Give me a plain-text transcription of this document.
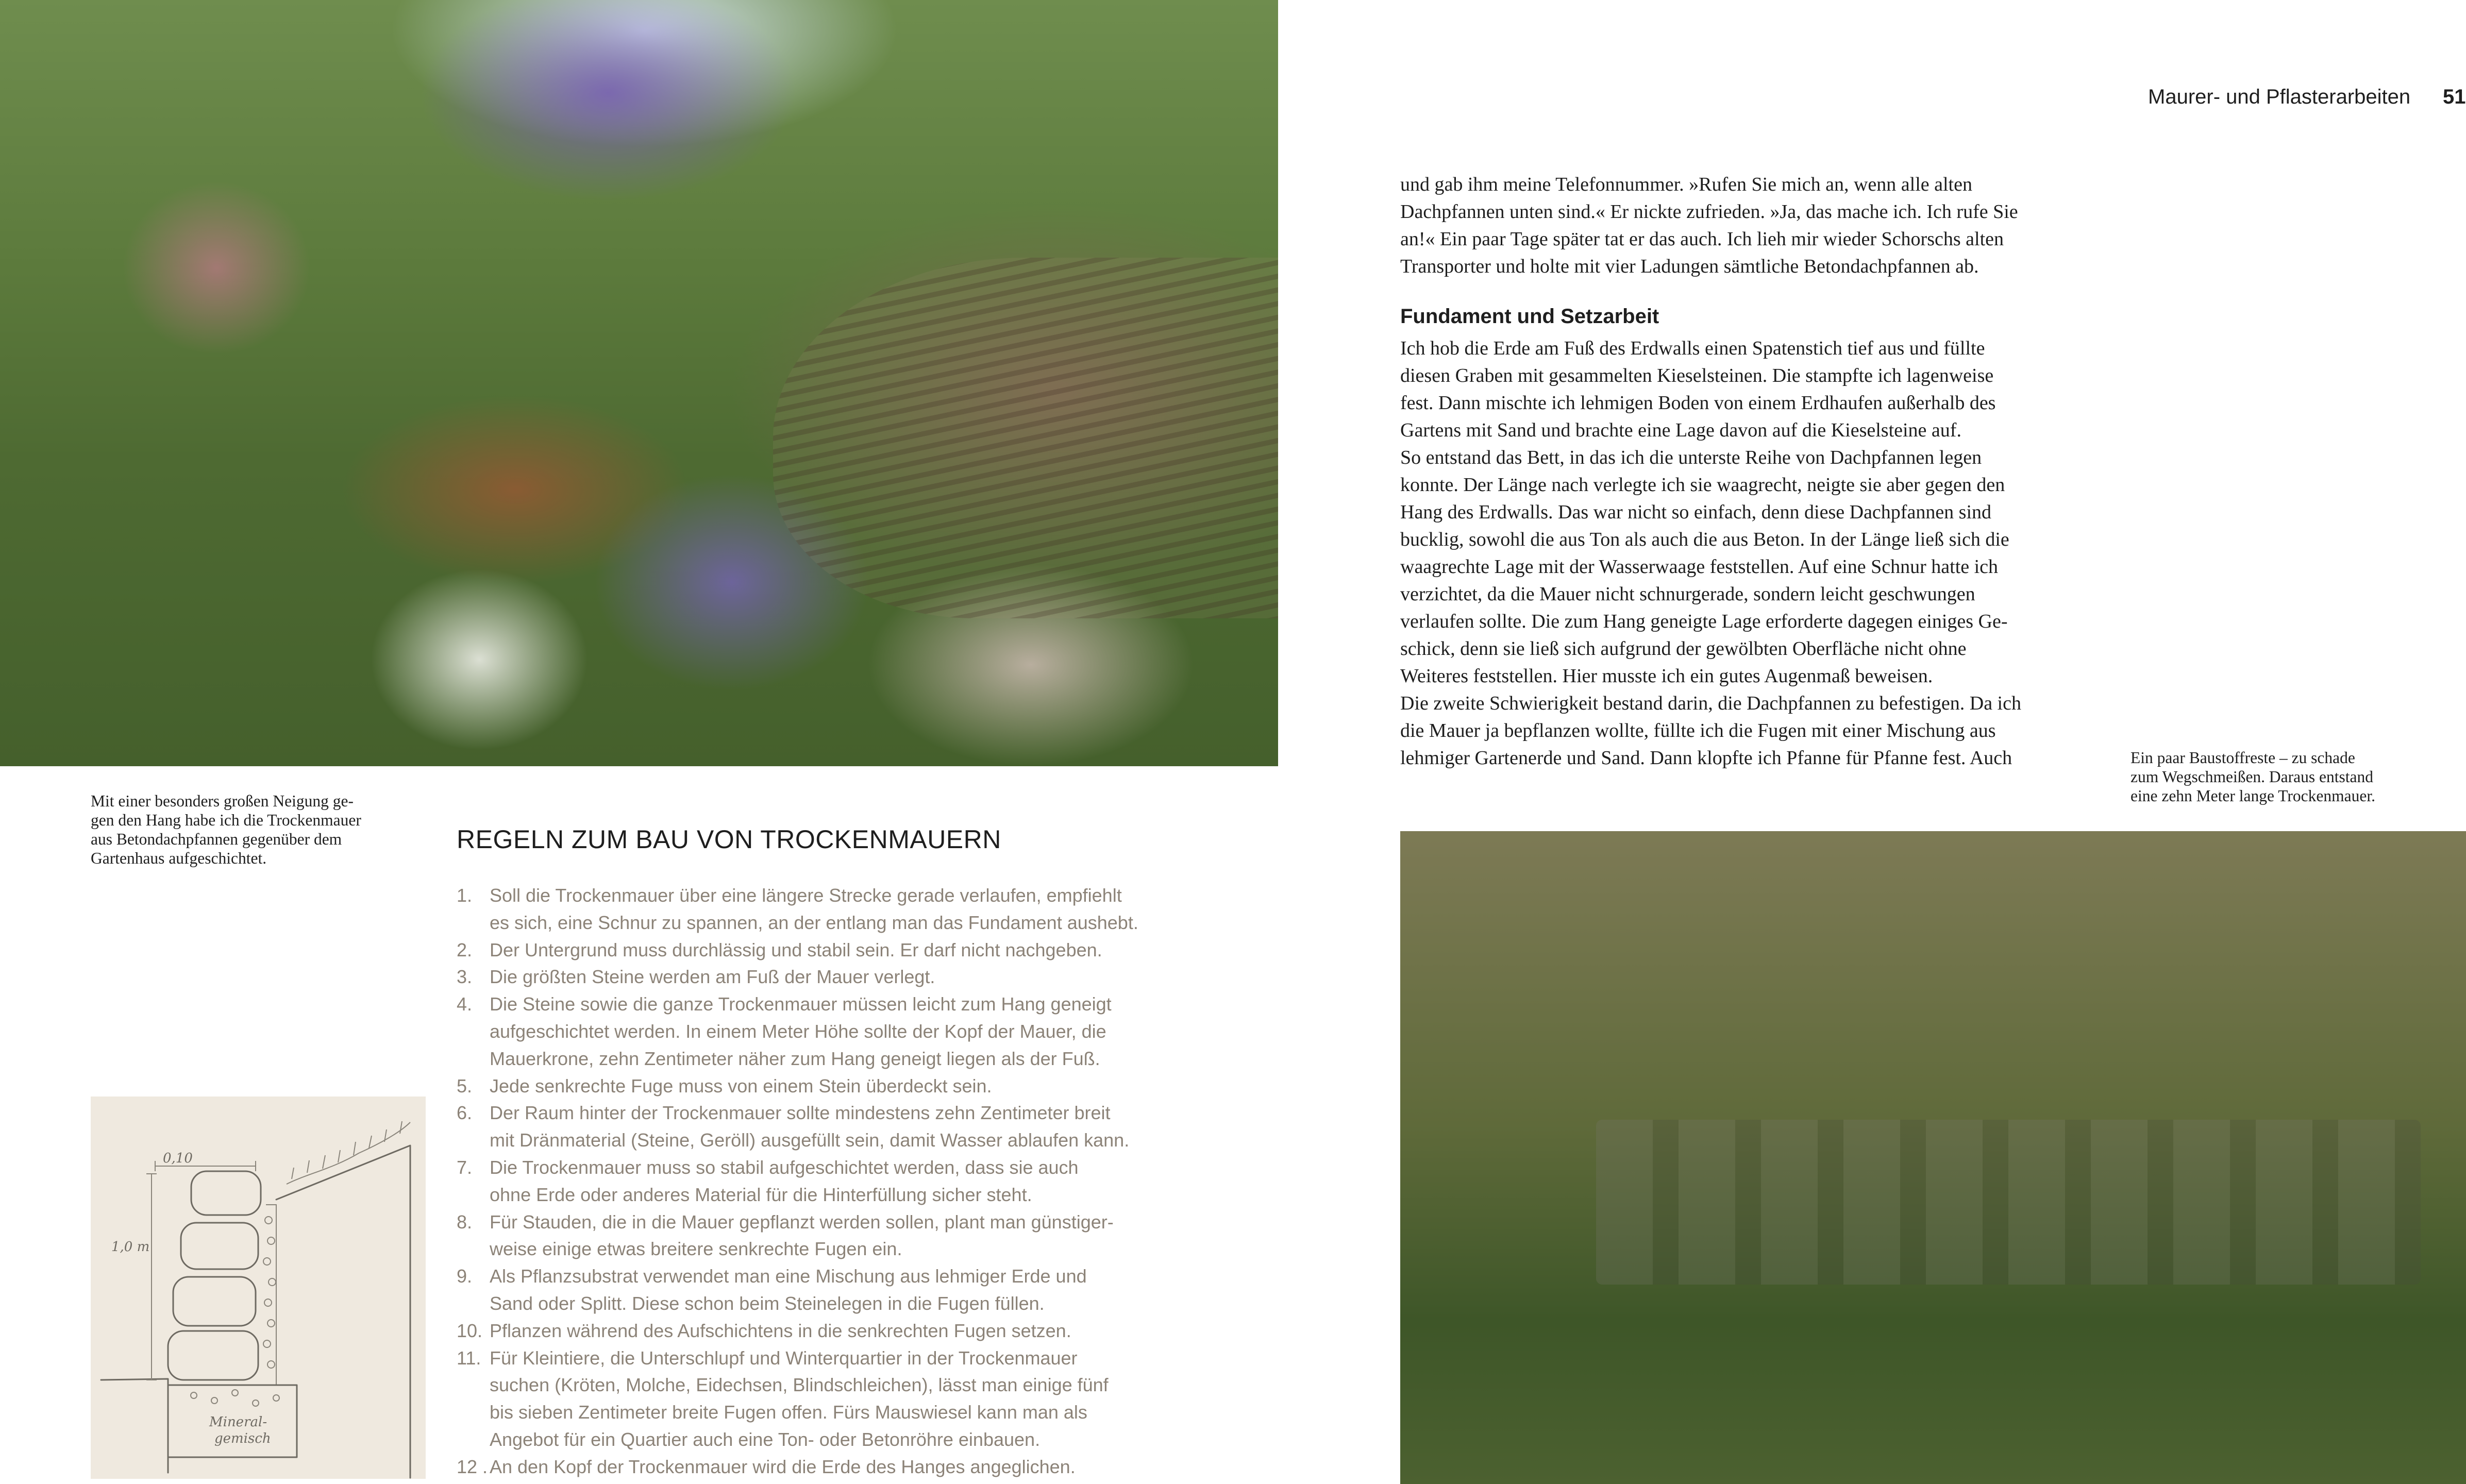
Maurer- und Pflasterarbeiten 51
Mit einer besonders großen Neigung ge-
gen den Hang habe ich die Trockenmauer
aus Betondachpfannen gegenüber dem
Gartenhaus aufgeschichtet.
REGELN ZUM BAU VON TROCKENMAUERN
1. Soll die Trockenmauer über eine längere Strecke gerade verlaufen, empfiehlt
es sich, eine Schnur zu spannen, an der entlang man das Fundament aushebt.
2. Der Untergrund muss durchlässig und stabil sein. Er darf nicht nachgeben.
3. Die größten Steine werden am Fuß der Mauer verlegt.
4. Die Steine sowie die ganze Trockenmauer müssen leicht zum Hang geneigt
aufgeschichtet werden. In einem Meter Höhe sollte der Kopf der Mauer, die
Mauerkrone, zehn Zentimeter näher zum Hang geneigt liegen als der Fuß.
5. Jede senkrechte Fuge muss von einem Stein überdeckt sein.
6. Der Raum hinter der Trockenmauer sollte mindestens zehn Zentimeter breit
mit Dränmaterial (Steine, Geröll) ausgefüllt sein, damit Wasser ablaufen kann.
7. Die Trockenmauer muss so stabil aufgeschichtet werden, dass sie auch
ohne Erde oder anderes Material für die Hinterfüllung sicher steht.
8. Für Stauden, die in die Mauer gepflanzt werden sollen, plant man günstiger-
weise einige etwas breitere senkrechte Fugen ein.
9. Als Pflanzsubstrat verwendet man eine Mischung aus lehmiger Erde und
Sand oder Splitt. Diese schon beim Steinelegen in die Fugen füllen.
10. Pflanzen während des Aufschichtens in die senkrechten Fugen setzen.
11. Für Kleintiere, die Unterschlupf und Winterquartier in der Trockenmauer
suchen (Kröten, Molche, Eidechsen, Blindschleichen), lässt man einige fünf
bis sieben Zentimeter breite Fugen offen. Fürs Mauswiesel kann man als
Angebot für ein Quartier auch eine Ton- oder Betonröhre einbauen.
12 . An den Kopf der Trockenmauer wird die Erde des Hanges angeglichen.
0,10
1,0 m
Mineral-
gemisch
und gab ihm meine Telefonnummer. »Rufen Sie mich an, wenn alle alten
Dachpfannen unten sind.« Er nickte zufrieden. »Ja, das mache ich. Ich rufe Sie
an!« Ein paar Tage später tat er das auch. Ich lieh mir wieder Schorschs alten
Transporter und holte mit vier Ladungen sämtliche Betondachpfannen ab.
Fundament und Setzarbeit
Ich hob die Erde am Fuß des Erdwalls einen Spatenstich tief aus und füllte
diesen Graben mit gesammelten Kieselsteinen. Die stampfte ich lagenweise
fest. Dann mischte ich lehmigen Boden von einem Erdhaufen außerhalb des
Gartens mit Sand und brachte eine Lage davon auf die Kieselsteine auf.
So entstand das Bett, in das ich die unterste Reihe von Dachpfannen legen
konnte. Der Länge nach verlegte ich sie waagrecht, neigte sie aber gegen den
Hang des Erdwalls. Das war nicht so einfach, denn diese Dachpfannen sind
bucklig, sowohl die aus Ton als auch die aus Beton. In der Länge ließ sich die
waagrechte Lage mit der Wasserwaage feststellen. Auf eine Schnur hatte ich
verzichtet, da die Mauer nicht schnurgerade, sondern leicht geschwungen
verlaufen sollte. Die zum Hang geneigte Lage erforderte dagegen einiges Ge-
schick, denn sie ließ sich aufgrund der gewölbten Oberfläche nicht ohne
Weiteres feststellen. Hier musste ich ein gutes Augenmaß beweisen.
Die zweite Schwierigkeit bestand darin, die Dachpfannen zu befestigen. Da ich
die Mauer ja bepflanzen wollte, füllte ich die Fugen mit einer Mischung aus
lehmiger Gartenerde und Sand. Dann klopfte ich Pfanne für Pfanne fest. Auch	Ein paar Baustoffreste – zu schade
zum Wegschmeißen. Daraus entstand
eine zehn Meter lange Trockenmauer.
